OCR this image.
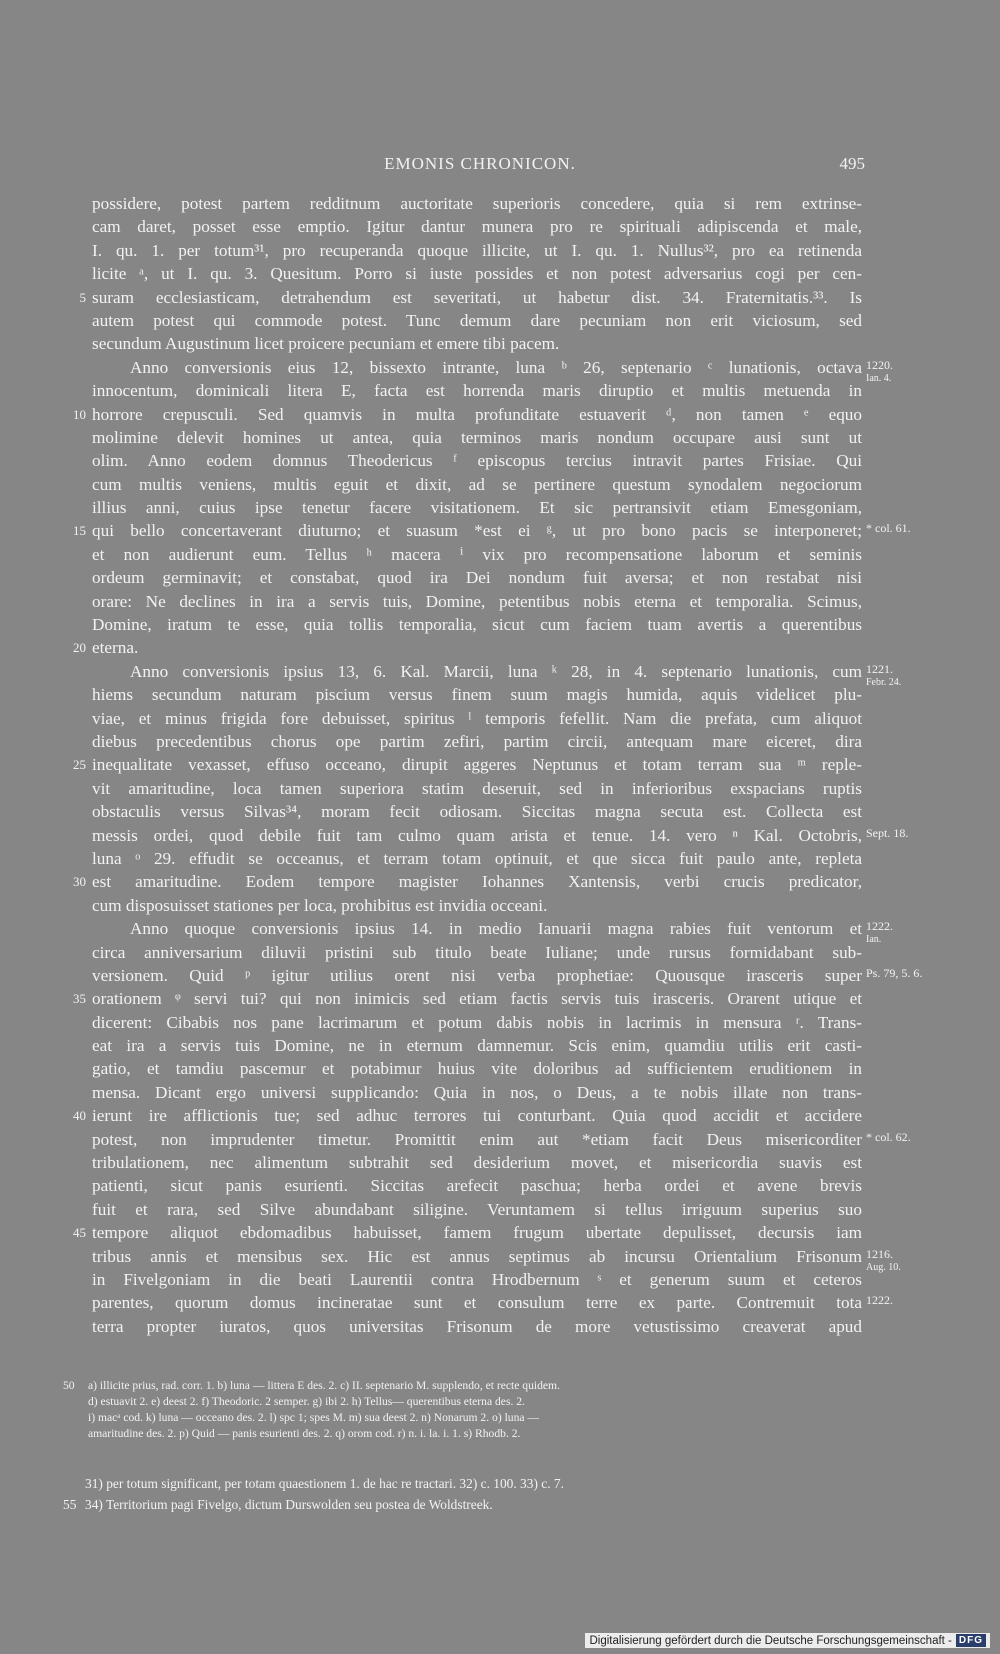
EMONIS CHRONICON.	495
possidere, potest partem redditnum auctoritate superioris concedere, quia si rem extrinse-
cam daret, posset esse emptio. Igitur dantur munera pro re spirituali adipiscenda et male,
I. qu. 1. per totum³¹, pro recuperanda quoque illicite, ut I. qu. 1. Nullus³², pro ea retinenda
licite ᵃ, ut I. qu. 3. Quesitum. Porro si iuste possides et non potest adversarius cogi per cen-
5 suram ecclesiasticam, detrahendum est severitati, ut habetur dist. 34. Fraternitatis.³³. Is
autem potest qui commode potest. Tunc demum dare pecuniam non erit viciosum, sed
secundum Augustinum licet proicere pecuniam et emere tibi pacem.
Anno conversionis eius 12, bissexto intrante, luna ᵇ 26, septenario ᶜ lunationis, octava 1220.
Ian. 4.
innocentum, dominicali litera E, facta est horrenda maris diruptio et multis metuenda in
10 horrore crepusculi. Sed quamvis in multa profunditate estuaverit ᵈ, non tamen ᵉ equo
molimine delevit homines ut antea, quia terminos maris nondum occupare ausi sunt ut
olim. Anno eodem domnus Theodericus ᶠ episcopus tercius intravit partes Frisiae. Qui
cum multis veniens, multis eguit et dixit, ad se pertinere questum synodalem negociorum
illius anni, cuius ipse tenetur facere visitationem. Et sic pertransivit etiam Emesgoniam,
15 qui bello concertaverant diuturno; et suasum *est ei ᵍ, ut pro bono pacis se interponeret; * col. 61.
et non audierunt eum. Tellus ʰ macera ⁱ vix pro recompensatione laborum et seminis
ordeum germinavit; et constabat, quod ira Dei nondum fuit aversa; et non restabat nisi
orare: Ne declines in ira a servis tuis, Domine, petentibus nobis eterna et temporalia. Scimus,
Domine, iratum te esse, quia tollis temporalia, sicut cum faciem tuam avertis a querentibus
20 eterna.
Anno conversionis ipsius 13, 6. Kal. Marcii, luna ᵏ 28, in 4. septenario lunationis, cum 1221.
Febr. 24.
hiems secundum naturam piscium versus finem suum magis humida, aquis videlicet plu-
viae, et minus frigida fore debuisset, spiritus ˡ temporis fefellit. Nam die prefata, cum aliquot
diebus precedentibus chorus ope partim zefiri, partim circii, antequam mare eiceret, dira
25 inequalitate vexasset, effuso occeano, dirupit aggeres Neptunus et totam terram sua ᵐ reple-
vit amaritudine, loca tamen superiora statim deseruit, sed in inferioribus exspacians ruptis
obstaculis versus Silvas³⁴, moram fecit odiosam. Siccitas magna secuta est. Collecta est
messis ordei, quod debile fuit tam culmo quam arista et tenue. 14. vero ⁿ Kal. Octobris, Sept. 18.
luna ᵒ 29. effudit se occeanus, et terram totam optinuit, et que sicca fuit paulo ante, repleta
30 est amaritudine. Eodem tempore magister Iohannes Xantensis, verbi crucis predicator,
cum disposuisset stationes per loca, prohibitus est invidia occeani.
Anno quoque conversionis ipsius 14. in medio Ianuarii magna rabies fuit ventorum et 1222.
Ian.
circa anniversarium diluvii pristini sub titulo beate Iuliane; unde rursus formidabant sub-
versionem. Quid ᵖ igitur utilius orent nisi verba prophetiae: Quousque irasceris super Ps. 79, 5. 6.
35 orationem ᵠ servi tui? qui non inimicis sed etiam factis servis tuis irasceris. Orarent utique et
dicerent: Cibabis nos pane lacrimarum et potum dabis nobis in lacrimis in mensura ʳ. Trans-
eat ira a servis tuis Domine, ne in eternum damnemur. Scis enim, quamdiu utilis erit casti-
gatio, et tamdiu pascemur et potabimur huius vite doloribus ad sufficientem eruditionem in
mensa. Dicant ergo universi supplicando: Quia in nos, o Deus, a te nobis illate non trans-
40 ierunt ire afflictionis tue; sed adhuc terrores tui conturbant. Quia quod accidit et accidere
potest, non imprudenter timetur. Promittit enim aut *etiam facit Deus misericorditer * col. 62.
tribulationem, nec alimentum subtrahit sed desiderium movet, et misericordia suavis est
patienti, sicut panis esurienti. Siccitas arefecit paschua; herba ordei et avene brevis
fuit et rara, sed Silve abundabant siligine. Veruntamem si tellus irriguum superius suo
45 tempore aliquot ebdomadibus habuisset, famem frugum ubertate depulisset, decursis iam
tribus annis et mensibus sex. Hic est annus septimus ab incursu Orientalium Frisonum 1216.
Aug. 10.
in Fivelgoniam in die beati Laurentii contra Hrodbernum ˢ et generum suum et ceteros
parentes, quorum domus incineratae sunt et consulum terre ex parte. Contremuit tota 1222.
terra propter iuratos, quos universitas Frisonum de more vetustissimo creaverat apud
50 a) illicite prius, rad. corr. 1. b) luna — littera E des. 2. c) II. septenario M. supplendo, et recte quidem.
d) estuavit 2. e) deest 2. f) Theodoric. 2 semper. g) ibi 2. h) Tellus— querentibus eterna des. 2.
i) macᵃ cod. k) luna — occeano des. 2. l) spc 1; spes M. m) sua deest 2. n) Nonarum 2. o) luna —
amaritudine des. 2. p) Quid — panis esurienti des. 2. q) orom cod. r) n. i. la. i. 1. s) Rhodb. 2.
31) per totum significant, per totam quaestionem 1. de hac re tractari. 32) c. 100. 33) c. 7.
55 34) Territorium pagi Fivelgo, dictum Durswolden seu postea de Woldstreek.
Digitalisierung gefördert durch die Deutsche Forschungsgemeinschaft - DFG
